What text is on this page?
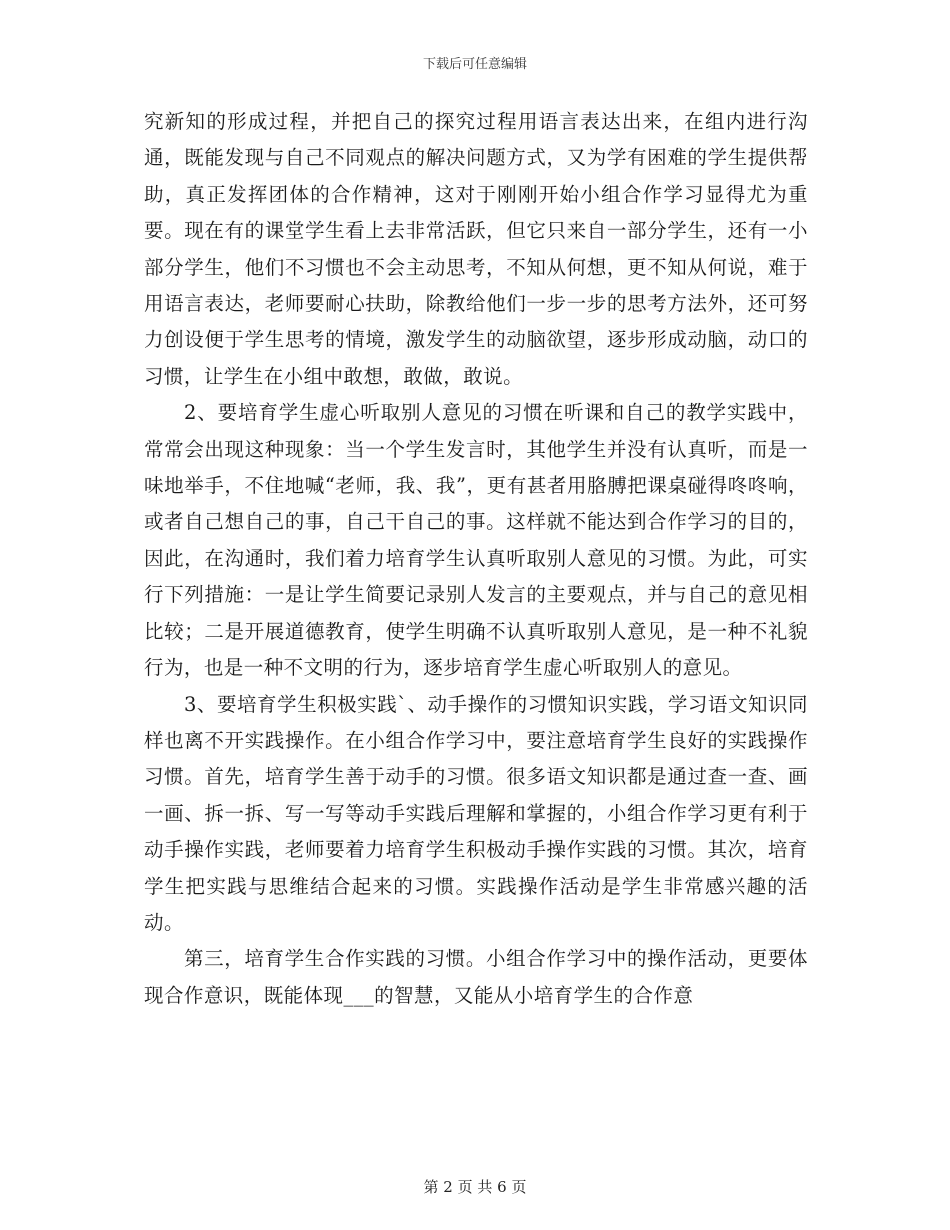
下载后可任意编辑

究新知的形成过程，并把自己的探究过程用语言表达出来，在组内进行沟通，既能发现与自己不同观点的解决问题方式，又为学有困难的学生提供帮助，真正发挥团体的合作精神，这对于刚刚开始小组合作学习显得尤为重要。现在有的课堂学生看上去非常活跃，但它只来自一部分学生，还有一小部分学生，他们不习惯也不会主动思考，不知从何想，更不知从何说，难于用语言表达，老师要耐心扶助，除教给他们一步一步的思考方法外，还可努力创设便于学生思考的情境，激发学生的动脑欲望，逐步形成动脑，动口的习惯，让学生在小组中敢想，敢做，敢说。

2、要培育学生虚心听取别人意见的习惯在听课和自己的教学实践中，常常会出现这种现象：当一个学生发言时，其他学生并没有认真听，而是一味地举手，不住地喊“老师，我、我”，更有甚者用胳膊把课桌碰得咚咚响，或者自己想自己的事，自己干自己的事。这样就不能达到合作学习的目的，因此，在沟通时，我们着力培育学生认真听取别人意见的习惯。为此，可实行下列措施：一是让学生简要记录别人发言的主要观点，并与自己的意见相比较；二是开展道德教育，使学生明确不认真听取别人意见，是一种不礼貌行为，也是一种不文明的行为，逐步培育学生虚心听取别人的意见。

3、要培育学生积极实践`、动手操作的习惯知识实践，学习语文知识同样也离不开实践操作。在小组合作学习中，要注意培育学生良好的实践操作习惯。首先，培育学生善于动手的习惯。很多语文知识都是通过查一查、画一画、拆一拆、写一写等动手实践后理解和掌握的，小组合作学习更有利于动手操作实践，老师要着力培育学生积极动手操作实践的习惯。其次，培育学生把实践与思维结合起来的习惯。实践操作活动是学生非常感兴趣的活动。

第三，培育学生合作实践的习惯。小组合作学习中的操作活动，更要体现合作意识，既能体现___的智慧，又能从小培育学生的合作意

第 2 页 共 6 页
